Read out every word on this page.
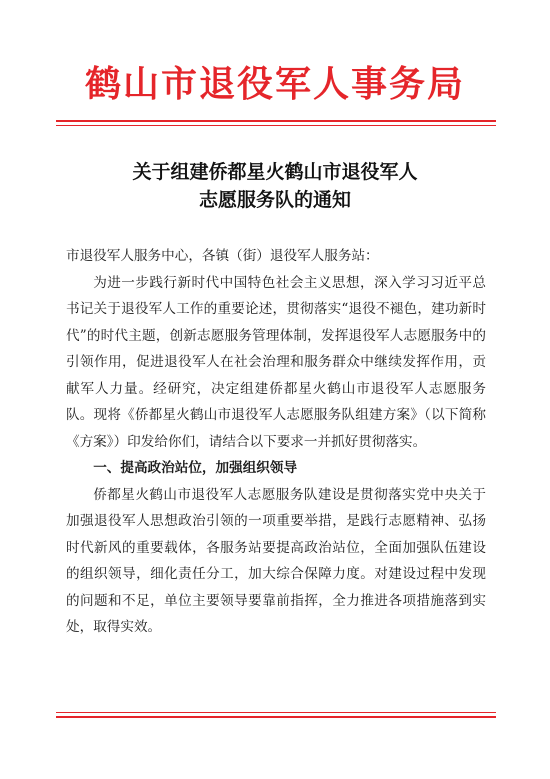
鹤山市退役军人事务局
关于组建侨都星火鹤山市退役军人
志愿服务队的通知
市退役军人服务中心，各镇（街）退役军人服务站：
为进一步践行新时代中国特色社会主义思想，深入学习习近平总书记关于退役军人工作的重要论述，贯彻落实“退役不褪色，建功新时代”的时代主题，创新志愿服务管理体制，发挥退役军人志愿服务中的引领作用，促进退役军人在社会治理和服务群众中继续发挥作用，贡献军人力量。经研究，决定组建侨都星火鹤山市退役军人志愿服务队。现将《侨都星火鹤山市退役军人志愿服务队组建方案》（以下简称《方案》）印发给你们，请结合以下要求一并抓好贯彻落实。
一、提高政治站位，加强组织领导
侨都星火鹤山市退役军人志愿服务队建设是贯彻落实党中央关于加强退役军人思想政治引领的一项重要举措，是践行志愿精神、弘扬时代新风的重要载体，各服务站要提高政治站位，全面加强队伍建设的组织领导，细化责任分工，加大综合保障力度。对建设过程中发现的问题和不足，单位主要领导要靠前指挥，全力推进各项措施落到实处，取得实效。
